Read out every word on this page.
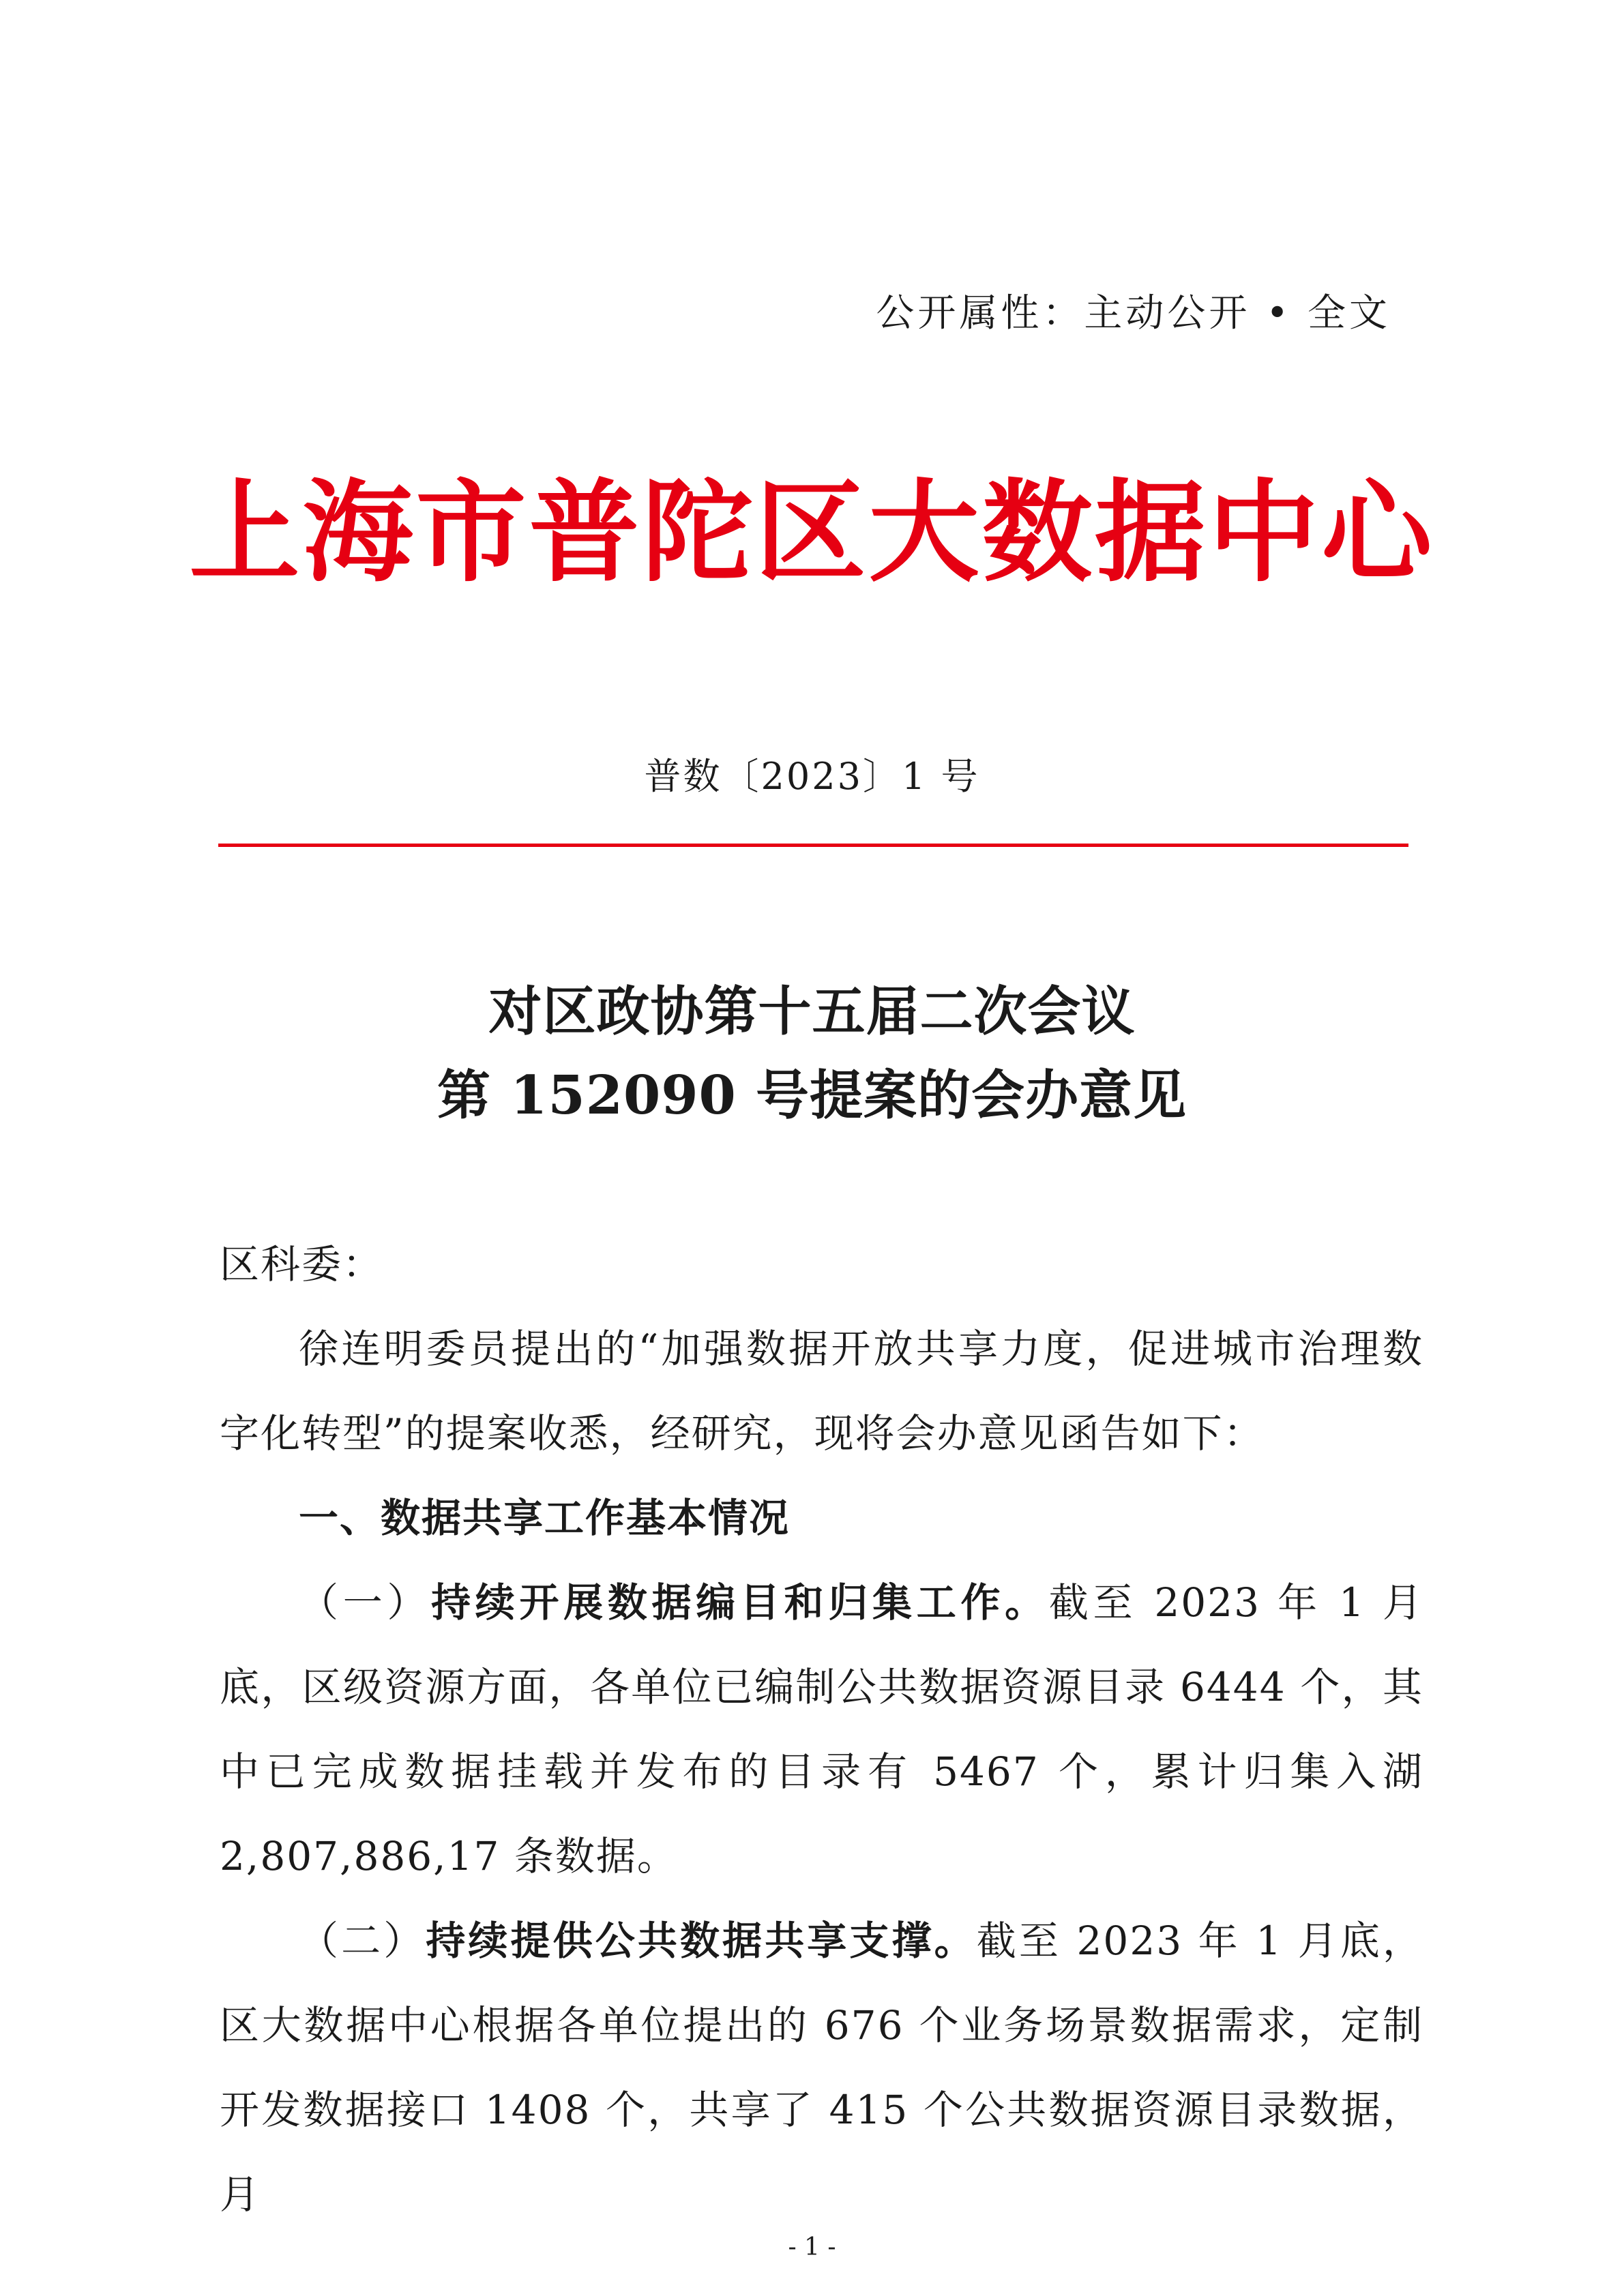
公开属性：主动公开 • 全文
上海市普陀区大数据中心
普数〔2023〕1 号
对区政协第十五届二次会议
第 152090 号提案的会办意见

区科委：

徐连明委员提出的“加强数据开放共享力度，促进城市治理数字化转型”的提案收悉，经研究，现将会办意见函告如下：

一、数据共享工作基本情况

（一）持续开展数据编目和归集工作。截至 2023 年 1 月底，区级资源方面，各单位已编制公共数据资源目录 6444 个，其中已完成数据挂载并发布的目录有 5467 个，累计归集入湖 2,807,886,17 条数据。

（二）持续提供公共数据共享支撑。截至 2023 年 1 月底，区大数据中心根据各单位提出的 676 个业务场景数据需求，定制开发数据接口 1408 个，共享了 415 个公共数据资源目录数据，月

- 1 -
